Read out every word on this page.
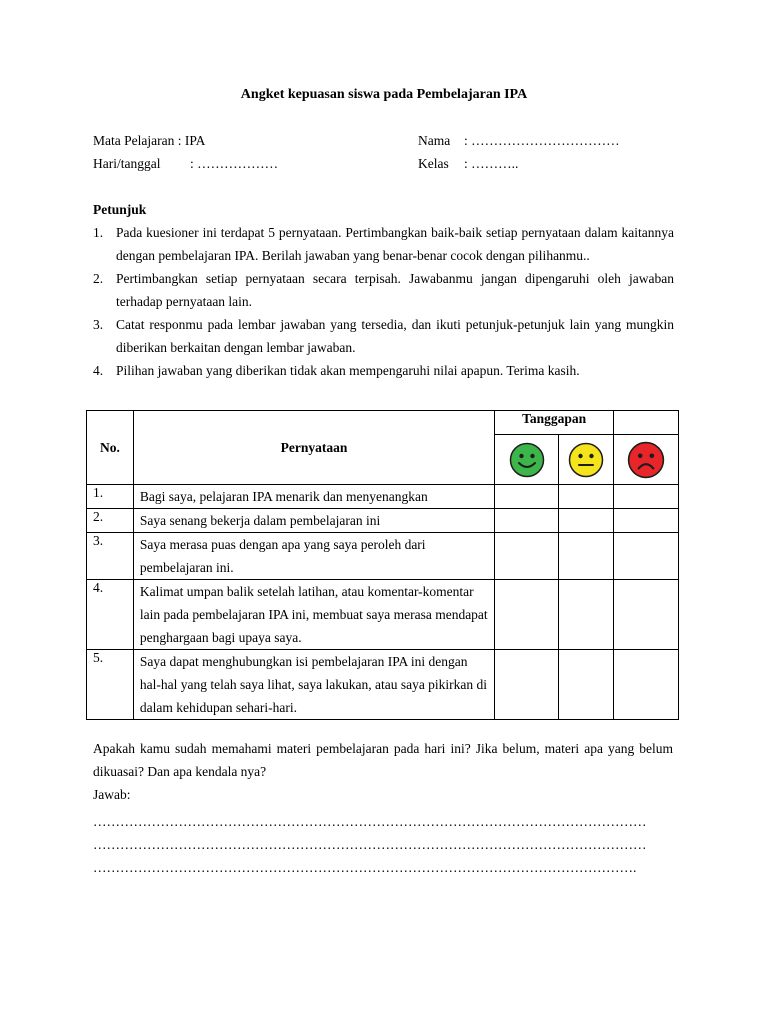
Angket kepuasan siswa pada Pembelajaran IPA
Mata Pelajaran : IPA
Hari/tanggal : ………………
Nama : ……………………………
Kelas : ………..
Petunjuk
1. Pada kuesioner ini terdapat 5 pernyataan. Pertimbangkan baik-baik setiap pernyataan dalam kaitannya dengan pembelajaran IPA. Berilah jawaban yang benar-benar cocok dengan pilihanmu..
2. Pertimbangkan setiap pernyataan secara terpisah. Jawabanmu jangan dipengaruhi oleh jawaban terhadap pernyataan lain.
3. Catat responmu pada lembar jawaban yang tersedia, dan ikuti petunjuk-petunjuk lain yang mungkin diberikan berkaitan dengan lembar jawaban.
4. Pilihan jawaban yang diberikan tidak akan mempengaruhi nilai apapun. Terima kasih.
No.	Pernyataan	Tanggapan		

1.	Bagi saya, pelajaran IPA menarik dan menyenangkan			
2.	Saya senang bekerja dalam pembelajaran ini			
3.	Saya merasa puas dengan apa yang saya peroleh dari pembelajaran ini.			
4.	Kalimat umpan balik setelah latihan, atau komentar-komentar lain pada pembelajaran IPA ini, membuat saya merasa mendapat penghargaan bagi upaya saya.			
5.	Saya dapat menghubungkan isi pembelajaran IPA ini dengan hal-hal yang telah saya lihat, saya lakukan, atau saya pikirkan di dalam kehidupan sehari-hari.			
Apakah kamu sudah memahami materi pembelajaran pada hari ini? Jika belum, materi apa yang belum dikuasai? Dan apa kendala nya?
Jawab:
……………………………………………………………………………………………………………
……………………………………………………………………………………………………………
………………………………………………………………………………………………………….
